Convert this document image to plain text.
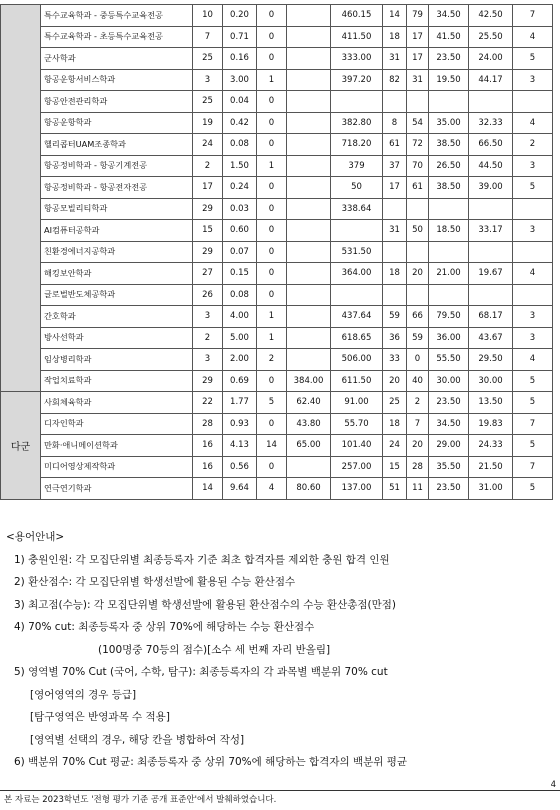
	특수교육학과 - 중등특수교육전공	10	0.20	0		460.15	14	79	34.50	42.50	7
	특수교육학과 - 초등특수교육전공	7	0.71	0		411.50	18	17	41.50	25.50	4
	군사학과	25	0.16	0		333.00	31	17	23.50	24.00	5
	항공운항서비스학과	3	3.00	1		397.20	82	31	19.50	44.17	3
	항공안전관리학과	25	0.04	0							
	항공운항학과	19	0.42	0		382.80	8	54	35.00	32.33	4
	헬리콥터UAM조종학과	24	0.08	0		718.20	61	72	38.50	66.50	2
	항공정비학과 - 항공기계전공	2	1.50	1		379	37	70	26.50	44.50	3
	항공정비학과 - 항공전자전공	17	0.24	0		50	17	61	38.50	39.00	5
	항공모빌리티학과	29	0.03	0		338.64					
	AI컴퓨터공학과	15	0.60	0			31	50	18.50	33.17	3
	친환경에너지공학과	29	0.07	0		531.50					
	해킹보안학과	27	0.15	0		364.00	18	20	21.00	19.67	4
	글로벌반도체공학과	26	0.08	0							
	간호학과	3	4.00	1		437.64	59	66	79.50	68.17	3
	방사선학과	2	5.00	1		618.65	36	59	36.00	43.67	3
	임상병리학과	3	2.00	2		506.00	33	0	55.50	29.50	4
	작업치료학과	29	0.69	0	384.00	611.50	20	40	30.00	30.00	5
다군	사회체육학과	22	1.77	5	62.40	91.00	25	2	23.50	13.50	5
	디자인학과	28	0.93	0	43.80	55.70	18	7	34.50	19.83	7
	만화·애니메이션학과	16	4.13	14	65.00	101.40	24	20	29.00	24.33	5
	미디어영상제작학과	16	0.56	0		257.00	15	28	35.50	21.50	7
	연극연기학과	14	9.64	4	80.60	137.00	51	11	23.50	31.00	5
<용어안내>
1) 충원인원: 각 모집단위별 최종등록자 기준 최초 합격자를 제외한 충원 합격 인원
2) 환산점수: 각 모집단위별 학생선발에 활용된 수능 환산점수
3) 최고점(수능): 각 모집단위별 학생선발에 활용된 환산점수의 수능 환산총점(만점)
4) 70% cut: 최종등록자 중 상위 70%에 해당하는 수능 환산점수
(100명중 70등의 점수)[소수 세 번째 자리 반올림]
5) 영역별 70% Cut (국어, 수학, 탐구): 최종등록자의 각 과목별 백분위 70% cut
[영어영역의 경우 등급]
[탐구영역은 반영과목 수 적용]
[영역별 선택의 경우, 해당 칸을 병합하여 작성]
6) 백분위 70% Cut 평균: 최종등록자 중 상위 70%에 해당하는 합격자의 백분위 평균
4
본 자료는 2023학년도 '전형 평가 기준 공개 표준안'에서 발췌하였습니다.
